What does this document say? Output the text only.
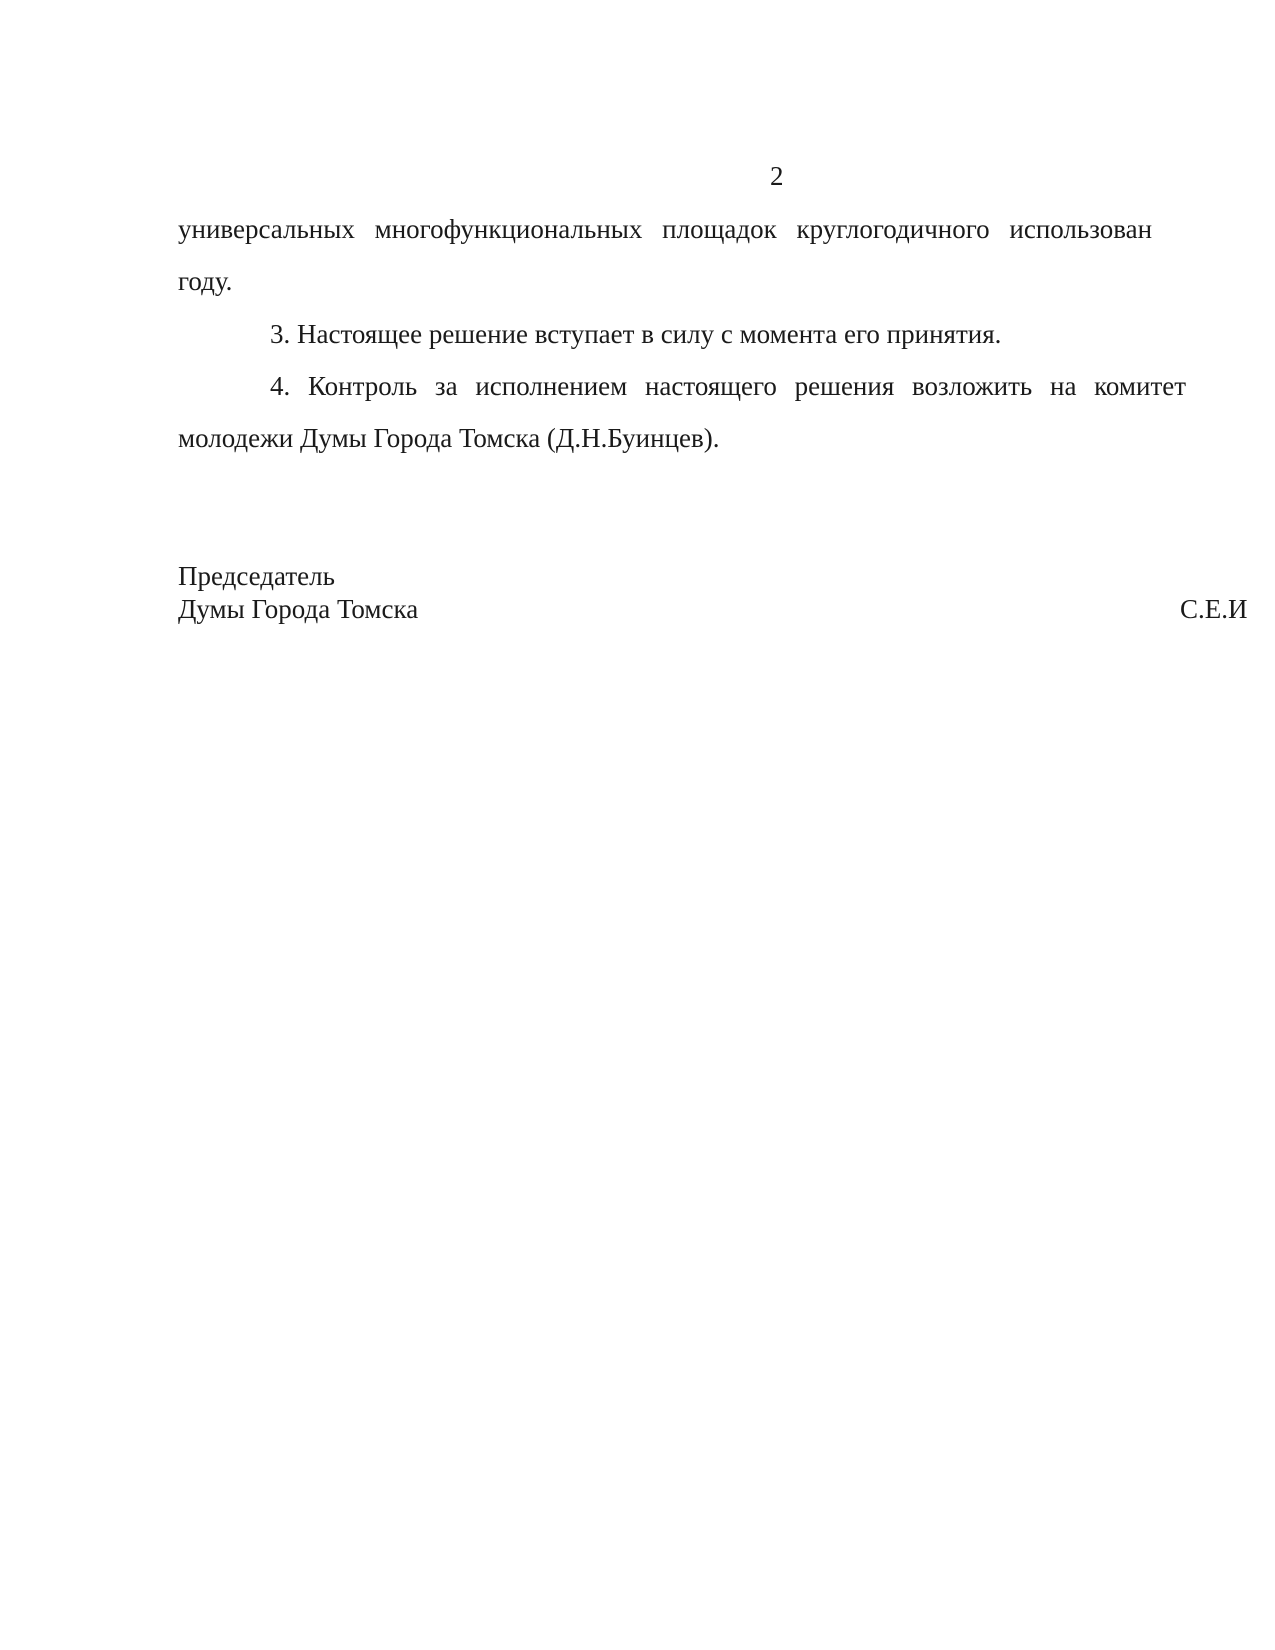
2
универсальных многофункциональных площадок круглогодичного использован
году.
3. Настоящее решение вступает в силу с момента его принятия.
4. Контроль за исполнением настоящего решения возложить на комитет
молодежи Думы Города Томска (Д.Н.Буинцев).
Председатель
Думы Города Томска	С.Е.И
